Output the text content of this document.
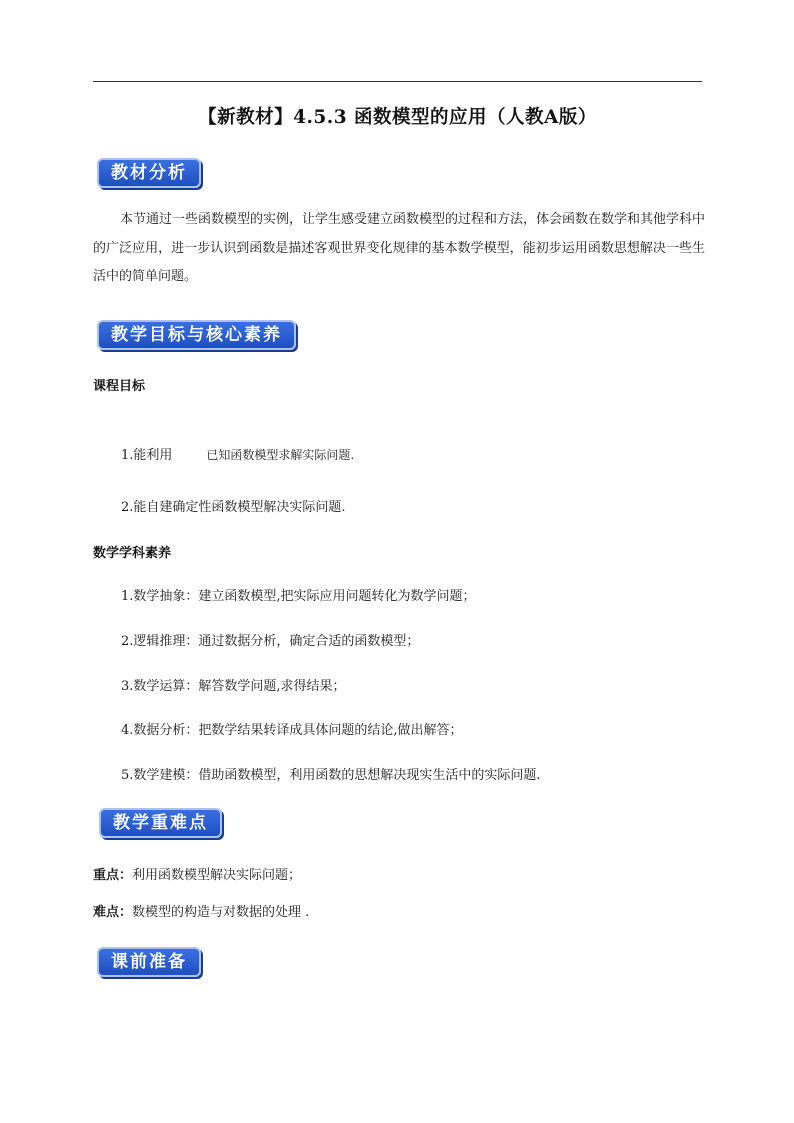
【新教材】4.5.3 函数模型的应用（人教A版）
教材分析
本节通过一些函数模型的实例，让学生感受建立函数模型的过程和方法，体会函数在数学和其他学科中的广泛应用，进一步认识到函数是描述客观世界变化规律的基本数学模型，能初步运用函数思想解决一些生活中的简单问题。
教学目标与核心素养
课程目标
1.能利用	已知函数模型求解实际问题.
2.能自建确定性函数模型解决实际问题.
数学学科素养
1.数学抽象：建立函数模型,把实际应用问题转化为数学问题；
2.逻辑推理：通过数据分析，确定合适的函数模型；
3.数学运算：解答数学问题,求得结果；
4.数据分析：把数学结果转译成具体问题的结论,做出解答；
5.数学建模：借助函数模型，利用函数的思想解决现实生活中的实际问题.
教学重难点
重点：利用函数模型解决实际问题；
难点：数模型的构造与对数据的处理 .
课前准备
